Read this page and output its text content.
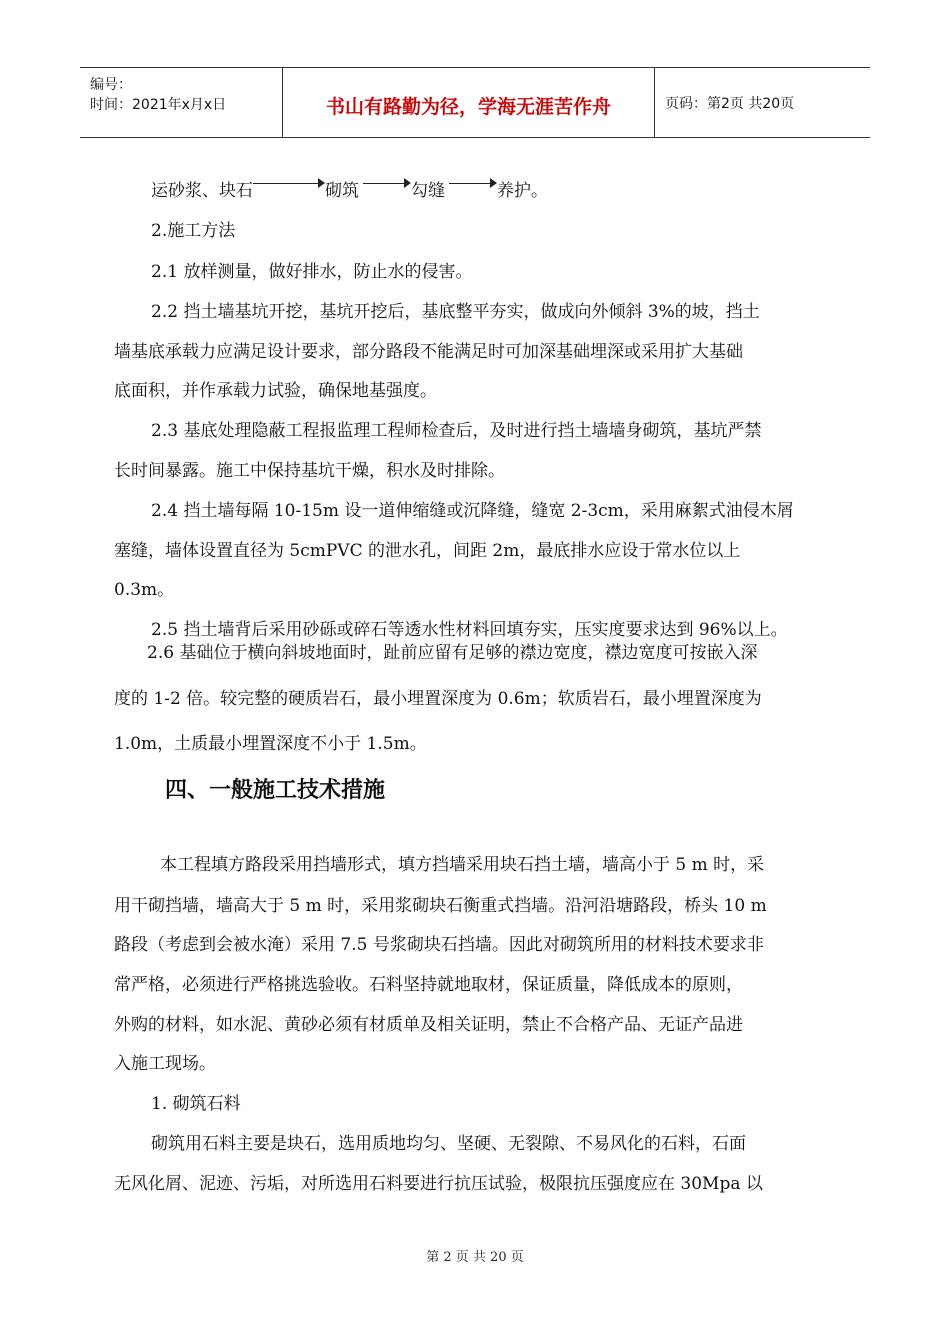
编号：
时间：2021年x月x日	书山有路勤为径，学海无涯苦作舟	页码：第2页 共20页
运砂浆、块石	砌筑	勾缝	养护。
2.施工方法
2.1 放样测量，做好排水，防止水的侵害。
2.2 挡土墙基坑开挖，基坑开挖后，基底整平夯实，做成向外倾斜 3%的坡，挡土
墙基底承载力应满足设计要求，部分路段不能满足时可加深基础埋深或采用扩大基础
底面积，并作承载力试验，确保地基强度。
2.3 基底处理隐蔽工程报监理工程师检查后，及时进行挡土墙墙身砌筑，基坑严禁
长时间暴露。施工中保持基坑干燥，积水及时排除。
2.4 挡土墙每隔 10-15m 设一道伸缩缝或沉降缝，缝宽 2-3cm，采用麻絮式油侵木屑
塞缝，墙体设置直径为 5cmPVC 的泄水孔，间距 2m，最底排水应设于常水位以上
0.3m。
2.5 挡土墙背后采用砂砾或碎石等透水性材料回填夯实，压实度要求达到 96%以上。
2.6 基础位于横向斜坡地面时，趾前应留有足够的襟边宽度，襟边宽度可按嵌入深
度的 1-2 倍。较完整的硬质岩石，最小埋置深度为 0.6m；软质岩石，最小埋置深度为
1.0m，土质最小埋置深度不小于 1.5m。
四、一般施工技术措施
本工程填方路段采用挡墙形式，填方挡墙采用块石挡土墙，墙高小于 5 m 时，采
用干砌挡墙，墙高大于 5 m 时，采用浆砌块石衡重式挡墙。沿河沿塘路段，桥头 10 m
路段（考虑到会被水淹）采用 7.5 号浆砌块石挡墙。因此对砌筑所用的材料技术要求非
常严格，必须进行严格挑选验收。石料坚持就地取材，保证质量，降低成本的原则，
外购的材料，如水泥、黄砂必须有材质单及相关证明，禁止不合格产品、无证产品进
入施工现场。
1. 砌筑石料
砌筑用石料主要是块石，选用质地均匀、坚硬、无裂隙、不易风化的石料，石面
无风化屑、泥迹、污垢，对所选用石料要进行抗压试验，极限抗压强度应在 30Mpa 以
第 2 页 共 20 页
